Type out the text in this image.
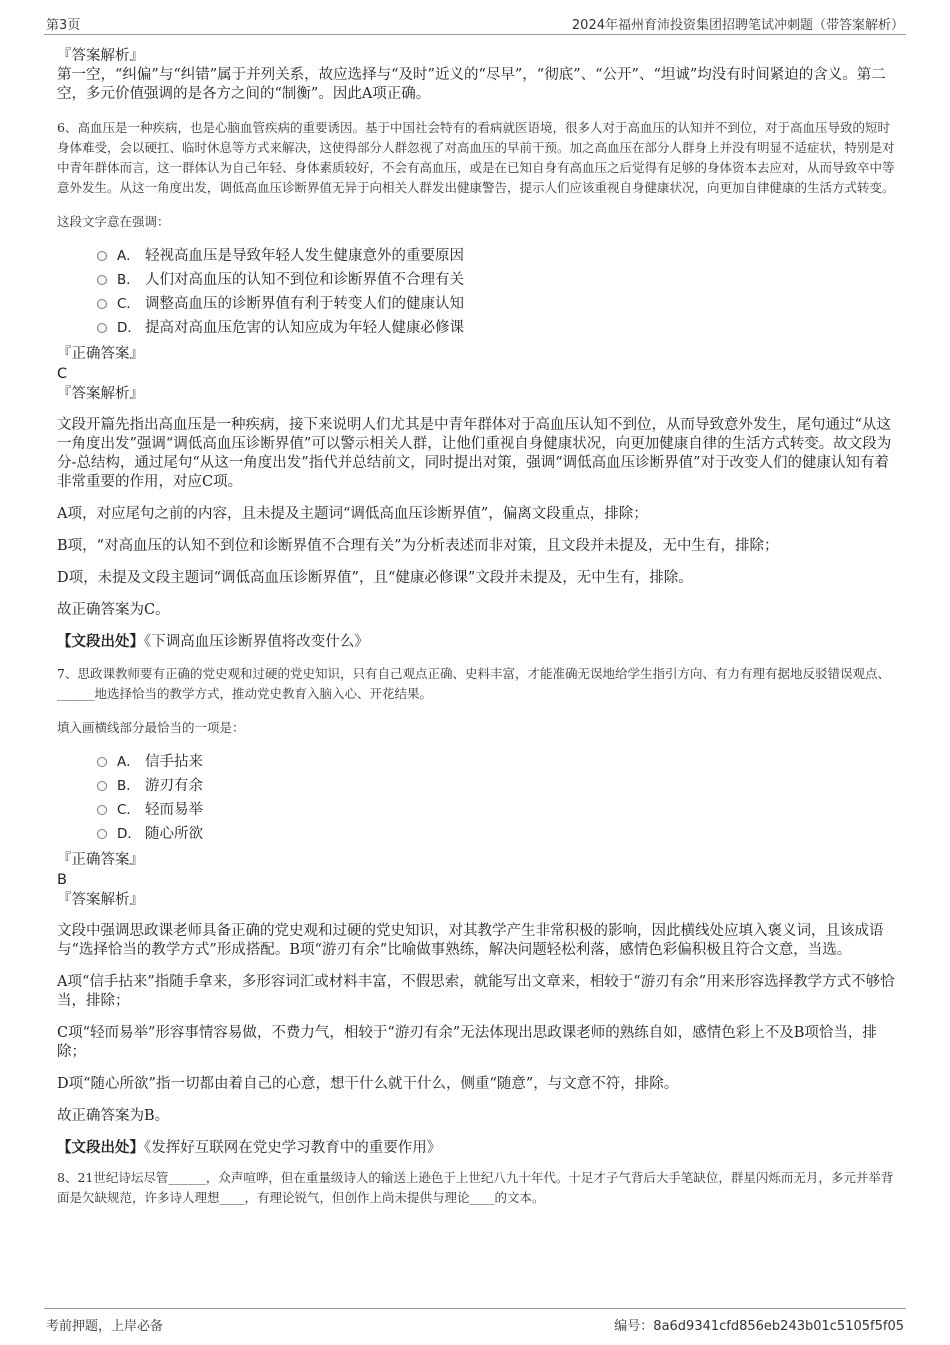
第3页	2024年福州育沛投资集团招聘笔试冲刺题（带答案解析）

『答案解析』

第一空，“纠偏”与“纠错”属于并列关系，故应选择与“及时”近义的“尽早”，“彻底”、“公开”、“坦诚”均没有时间紧迫的含义。第二空，多元价值强调的是各方之间的“制衡”。因此A项正确。

6、高血压是一种疾病，也是心脑血管疾病的重要诱因。基于中国社会特有的看病就医语境，很多人对于高血压的认知并不到位，对于高血压导致的短时身体难受，会以硬扛、临时休息等方式来解决，这使得部分人群忽视了对高血压的早前干预。加之高血压在部分人群身上并没有明显不适症状，特别是对中青年群体而言，这一群体认为自己年轻、身体素质较好，不会有高血压，或是在已知自身有高血压之后觉得有足够的身体资本去应对，从而导致卒中等意外发生。从这一角度出发，调低高血压诊断界值无异于向相关人群发出健康警告，提示人们应该重视自身健康状况，向更加自律健康的生活方式转变。

这段文字意在强调：

A． 轻视高血压是导致年轻人发生健康意外的重要原因
B． 人们对高血压的认知不到位和诊断界值不合理有关
C． 调整高血压的诊断界值有利于转变人们的健康认知
D． 提高对高血压危害的认知应成为年轻人健康必修课

『正确答案』

C

『答案解析』

文段开篇先指出高血压是一种疾病，接下来说明人们尤其是中青年群体对于高血压认知不到位，从而导致意外发生，尾句通过“从这一角度出发”强调“调低高血压诊断界值”可以警示相关人群，让他们重视自身健康状况，向更加健康自律的生活方式转变。故文段为分-总结构，通过尾句“从这一角度出发”指代并总结前文，同时提出对策，强调“调低高血压诊断界值”对于改变人们的健康认知有着非常重要的作用，对应C项。

A项，对应尾句之前的内容，且未提及主题词“调低高血压诊断界值”，偏离文段重点，排除；

B项，“对高血压的认知不到位和诊断界值不合理有关”为分析表述而非对策，且文段并未提及，无中生有，排除；

D项，未提及文段主题词“调低高血压诊断界值”，且“健康必修课”文段并未提及，无中生有，排除。

故正确答案为C。

【文段出处】《下调高血压诊断界值将改变什么》

7、思政课教师要有正确的党史观和过硬的党史知识，只有自己观点正确、史料丰富，才能准确无误地给学生指引方向、有力有理有据地反驳错误观点、______地选择恰当的教学方式，推动党史教育入脑入心、开花结果。

填入画横线部分最恰当的一项是：

A． 信手拈来
B． 游刃有余
C． 轻而易举
D． 随心所欲

『正确答案』

B

『答案解析』

文段中强调思政课老师具备正确的党史观和过硬的党史知识，对其教学产生非常积极的影响，因此横线处应填入褒义词，且该成语与“选择恰当的教学方式”形成搭配。B项“游刃有余”比喻做事熟练，解决问题轻松利落，感情色彩偏积极且符合文意，当选。

A项“信手拈来”指随手拿来，多形容词汇或材料丰富，不假思索，就能写出文章来，相较于“游刃有余”用来形容选择教学方式不够恰当，排除；

C项“轻而易举”形容事情容易做，不费力气，相较于“游刃有余”无法体现出思政课老师的熟练自如，感情色彩上不及B项恰当，排除；

D项“随心所欲”指一切都由着自己的心意，想干什么就干什么，侧重“随意”，与文意不符，排除。

故正确答案为B。

【文段出处】《发挥好互联网在党史学习教育中的重要作用》

8、21世纪诗坛尽管______，众声喧哗，但在重量级诗人的输送上逊色于上世纪八九十年代。十足才子气背后大手笔缺位，群星闪烁而无月，多元并举背面是欠缺规范，许多诗人理想____，有理论锐气，但创作上尚未提供与理论____的文本。

考前押题，上岸必备	编号：8a6d9341cfd856eb243b01c5105f5f05
